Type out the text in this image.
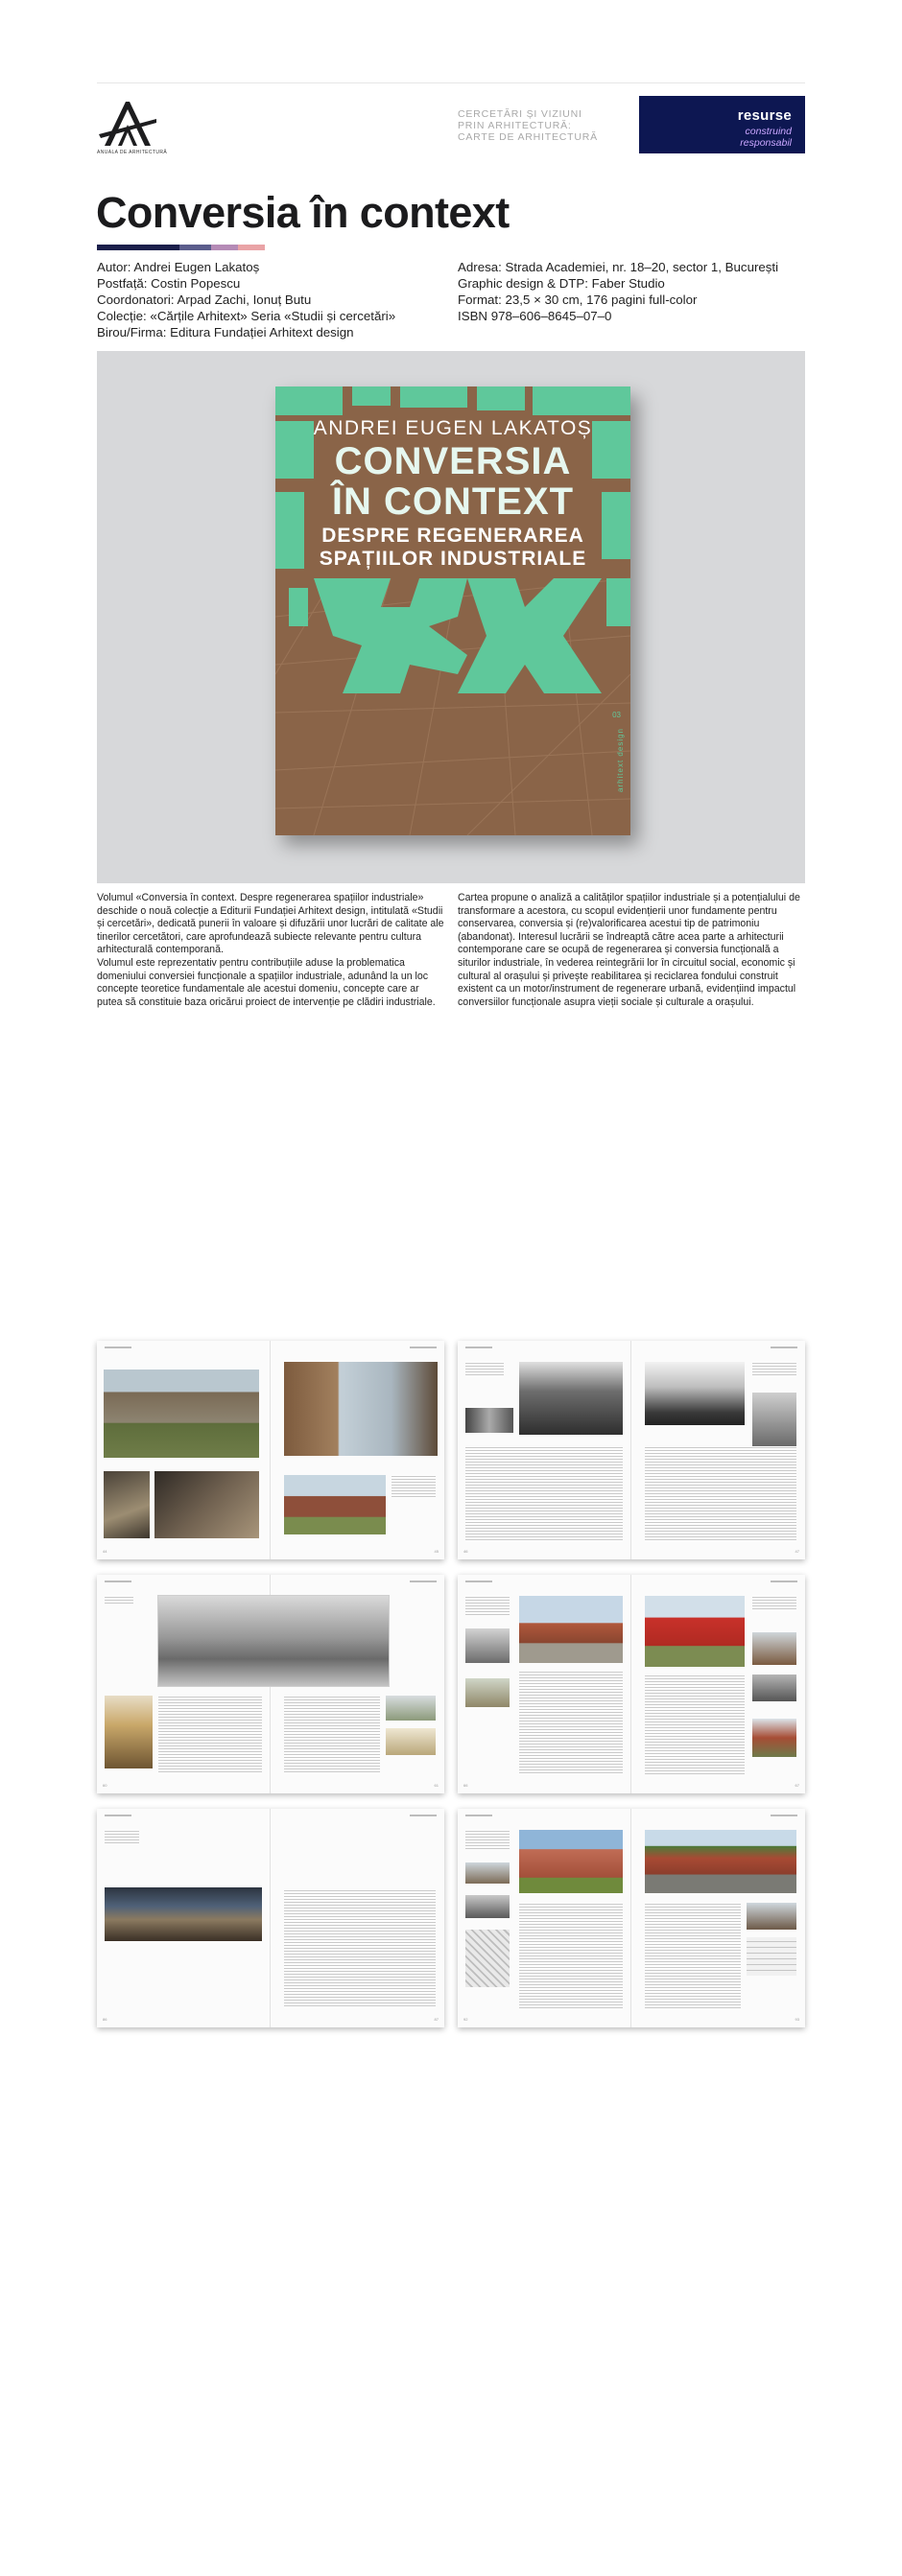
ANUALA DE ARHITECTURĂ
CERCETĂRI ȘI VIZIUNI
PRIN ARHITECTURĂ:
CARTE DE ARHITECTURĂ
resurse
construind
responsabil
Conversia în context
Autor: Andrei Eugen Lakatoș
Postfață: Costin Popescu
Coordonatori: Arpad Zachi, Ionuț Butu
Colecție: «Cărțile Arhitext» Seria «Studii și cercetări»
Birou/Firma: Editura Fundației Arhitext design
Adresa: Strada Academiei, nr. 18–20, sector 1, București
Graphic design & DTP: Faber Studio
Format: 23,5 × 30 cm, 176 pagini full-color
ISBN 978–606–8645–07–0
ANDREI EUGEN LAKATOȘ
CONVERSIA
ÎN CONTEXT
DESPRE REGENERAREA
SPAȚIILOR INDUSTRIALE
03
arhitext design

Volumul «Conversia în context. Despre regenerarea spațiilor industriale» deschide o nouă colecție a Editurii Fundației Arhitext design, intitulată «Studii și cercetări», dedicată punerii în valoare și difuzării unor lucrări de calitate ale tinerilor cercetători, care aprofundează subiecte relevante pentru cultura arhitecturală contemporană.

Volumul este reprezentativ pentru contribuțiile aduse la problematica domeniului conversiei funcționale a spațiilor industriale, adunând la un loc concepte teoretice fundamentale ale acestui domeniu, concepte care ar putea să constituie baza oricărui proiect de intervenție pe clădiri industriale.

Cartea propune o analiză a calităților spațiilor industriale și a potențialului de transformare a acestora, cu scopul evidențierii unor fundamente pentru conservarea, conversia și (re)valorificarea acestui tip de patrimoniu (abandonat). Interesul lucrării se îndreaptă către acea parte a arhitecturii contemporane care se ocupă de regenerarea și conversia funcțională a siturilor industriale, în vederea reintegrării lor în circuitul social, economic și cultural al orașului și privește reabilitarea și reciclarea fondului construit existent ca un motor/instrument de regenerare urbană, evidențiind impactul conversiilor funcționale asupra vieții sociale și culturale a orașului.

44	45	46	47
60	61	66	67
86	87	92	93
